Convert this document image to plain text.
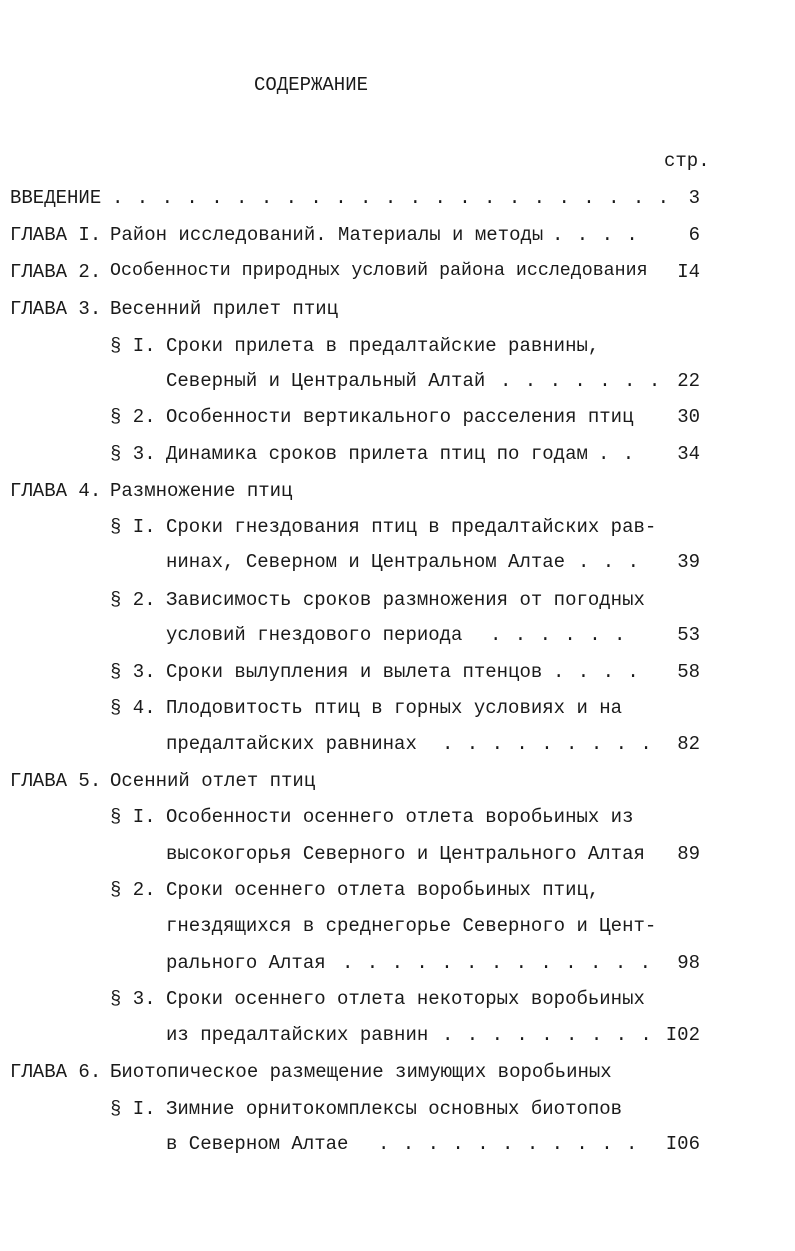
СОДЕРЖАНИЕ
стр.
ВВЕДЕНИЕ . . . . . . . . . . . . . . . . . . . . . . . 3
ГЛАВА I. Район исследований. Материалы и методы . . . .	6
ГЛАВА 2. Особенности природных условий района исследования	I4
ГЛАВА 3. Весенний прилет птиц
§ I. Сроки прилета в предалтайские равнины,
Северный и Центральный Алтай . . . . . . . 22
§ 2. Особенности вертикального расселения птиц	30
§ 3. Динамика сроков прилета птиц по годам . .	34
ГЛАВА 4. Размножение птиц
§ I. Сроки гнездования птиц в предалтайских рав-
нинах, Северном и Центральном Алтае . . .	39
§ 2. Зависимость сроков размножения от погодных
условий гнездового периода . . . . . .	53
§ 3. Сроки вылупления и вылета птенцов . . . .	58
§ 4. Плодовитость птиц в горных условиях и на
предалтайских равнинах . . . . . . . . .	82
ГЛАВА 5. Осенний отлет птиц
§ I. Особенности осеннего отлета воробьиных из
высокогорья Северного и Центрального Алтая	89
§ 2. Сроки осеннего отлета воробьиных птиц,
гнездящихся в среднегорье Северного и Цент-
рального Алтая . . . . . . . . . . . . .	98
§ 3. Сроки осеннего отлета некоторых воробьиных
из предалтайских равнин . . . . . . . . . I02
ГЛАВА 6. Биотопическое размещение зимующих воробьиных
§ I. Зимние орнитокомплексы основных биотопов
в Северном Алтае . . . . . . . . . . .	I06
